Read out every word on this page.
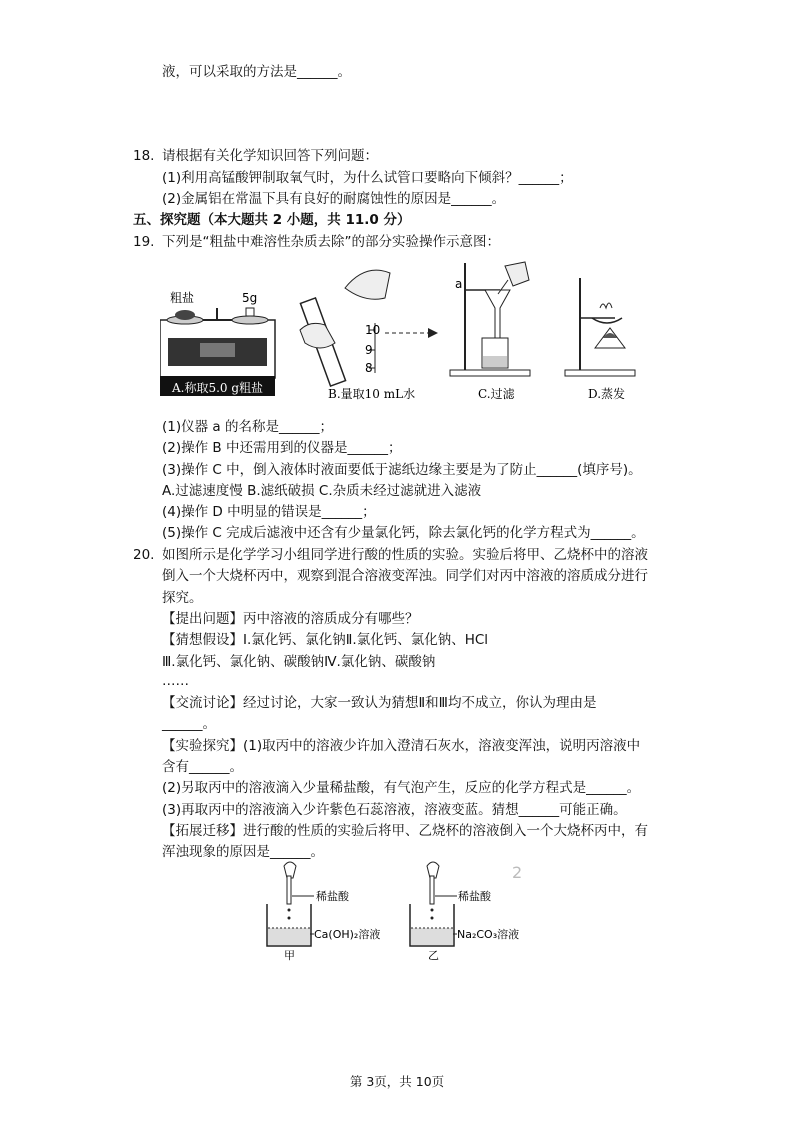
液，可以采取的方法是______。
18. 请根据有关化学知识回答下列问题：
(1)利用高锰酸钾制取氧气时，为什么试管口要略向下倾斜？______；
(2)金属铝在常温下具有良好的耐腐蚀性的原因是______。
五、探究题（本大题共 2 小题，共 11.0 分）
19. 下列是“粗盐中难溶性杂质去除”的部分实验操作示意图：
粗盐	5g
A.称取5.0 g粗盐
10
9
8
B.量取10 mL水
a
C.过滤	D.蒸发
(1)仪器 a 的名称是______；
(2)操作 B 中还需用到的仪器是______；
(3)操作 C 中，倒入液体时液面要低于滤纸边缘主要是为了防止______(填序号)。
A.过滤速度慢 B.滤纸破损 C.杂质未经过滤就进入滤液
(4)操作 D 中明显的错误是______；
(5)操作 C 完成后滤液中还含有少量氯化钙，除去氯化钙的化学方程式为______。
20. 如图所示是化学学习小组同学进行酸的性质的实验。实验后将甲、乙烧杯中的溶液
倒入一个大烧杯丙中，观察到混合溶液变浑浊。同学们对丙中溶液的溶质成分进行
探究。
【提出问题】丙中溶液的溶质成分有哪些？
【猜想假设】Ⅰ.氯化钙、氯化钠Ⅱ.氯化钙、氯化钠、HCl
Ⅲ.氯化钙、氯化钠、碳酸钠Ⅳ.氯化钠、碳酸钠
……
【交流讨论】经过讨论，大家一致认为猜想Ⅱ和Ⅲ均不成立，你认为理由是
______。
【实验探究】(1)取丙中的溶液少许加入澄清石灰水，溶液变浑浊，说明丙溶液中
含有______。
(2)另取丙中的溶液滴入少量稀盐酸，有气泡产生，反应的化学方程式是______。
(3)再取丙中的溶液滴入少许紫色石蕊溶液，溶液变蓝。猜想______可能正确。
【拓展迁移】进行酸的性质的实验后将甲、乙烧杯的溶液倒入一个大烧杯丙中，有
浑浊现象的原因是______。
稀盐酸
Ca(OH)₂溶液
甲
稀盐酸
Na₂CO₃溶液
乙
2
第 3页，共 10页
